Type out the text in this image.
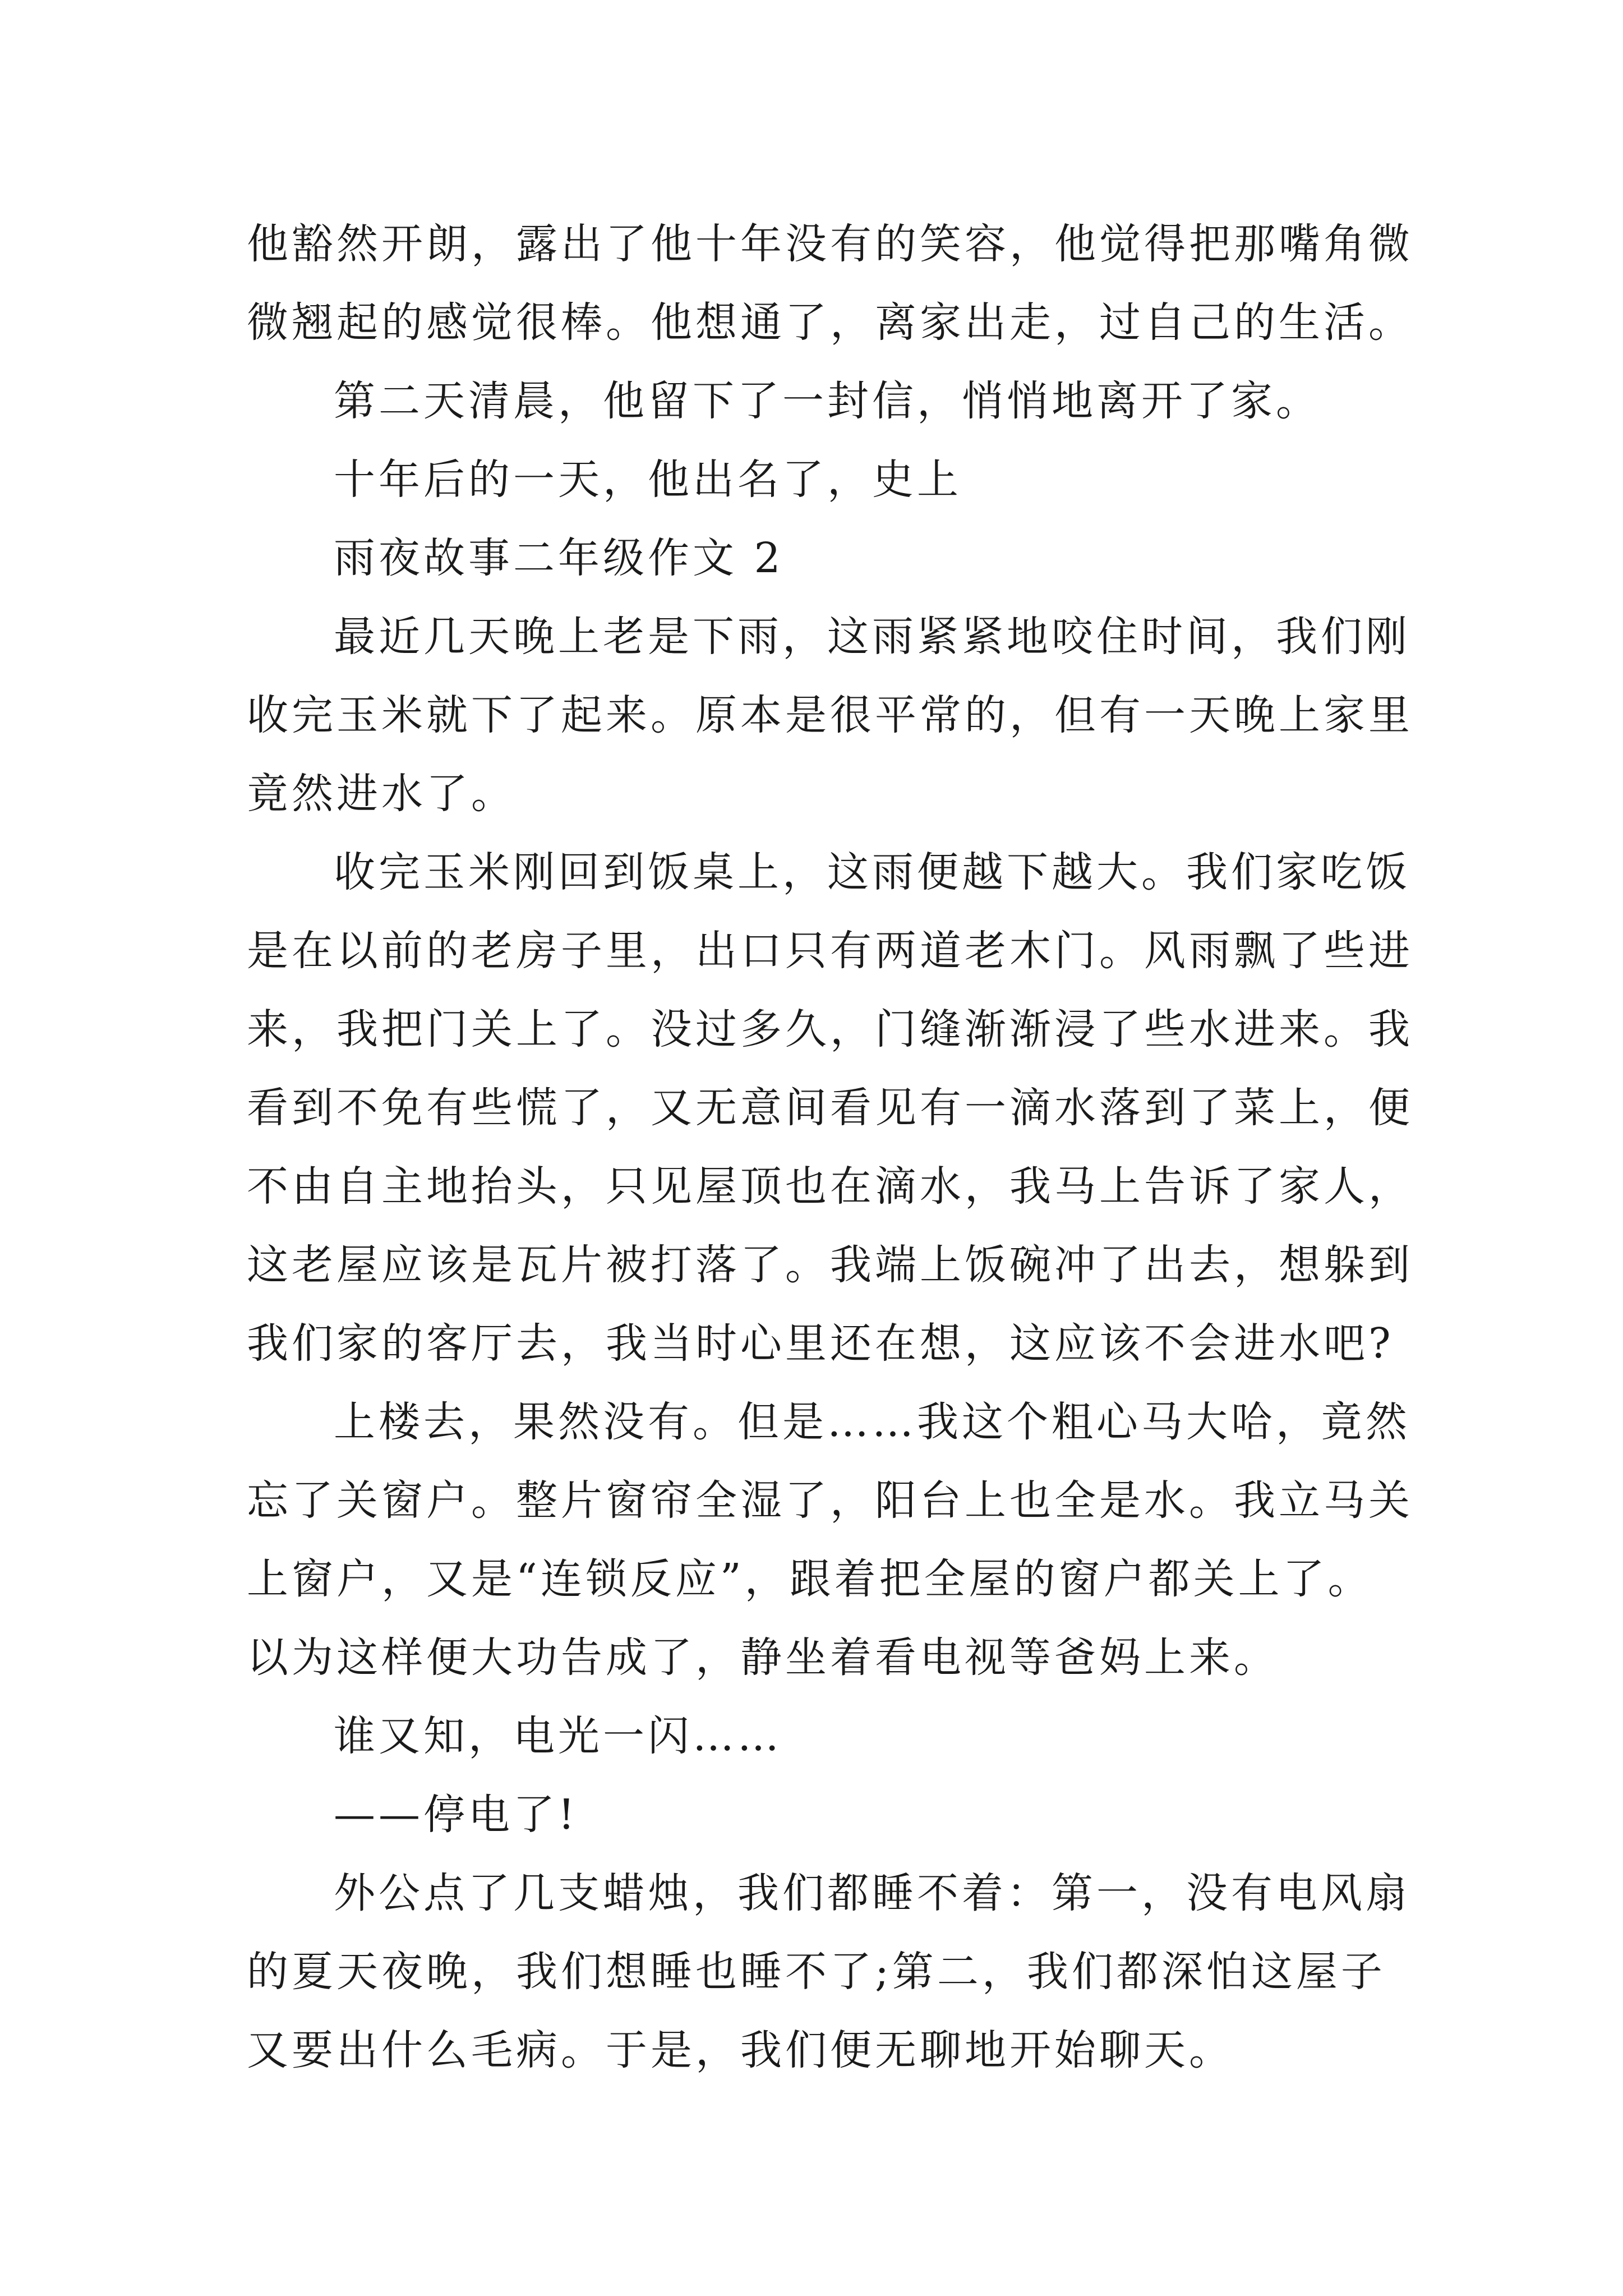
他豁然开朗，露出了他十年没有的笑容，他觉得把那嘴角微
微翘起的感觉很棒。他想通了，离家出走，过自己的生活。
第二天清晨，他留下了一封信，悄悄地离开了家。
十年后的一天，他出名了，史上
雨夜故事二年级作文 2
最近几天晚上老是下雨，这雨紧紧地咬住时间，我们刚
收完玉米就下了起来。原本是很平常的，但有一天晚上家里
竟然进水了。
收完玉米刚回到饭桌上，这雨便越下越大。我们家吃饭
是在以前的老房子里，出口只有两道老木门。风雨飘了些进
来，我把门关上了。没过多久，门缝渐渐浸了些水进来。我
看到不免有些慌了，又无意间看见有一滴水落到了菜上，便
不由自主地抬头，只见屋顶也在滴水，我马上告诉了家人，
这老屋应该是瓦片被打落了。我端上饭碗冲了出去，想躲到
我们家的客厅去，我当时心里还在想，这应该不会进水吧?
上楼去，果然没有。但是……我这个粗心马大哈，竟然
忘了关窗户。整片窗帘全湿了，阳台上也全是水。我立马关
上窗户，又是“连锁反应”，跟着把全屋的窗户都关上了。
以为这样便大功告成了，静坐着看电视等爸妈上来。
谁又知，电光一闪……
——停电了!
外公点了几支蜡烛，我们都睡不着：第一，没有电风扇
的夏天夜晚，我们想睡也睡不了;第二，我们都深怕这屋子
又要出什么毛病。于是，我们便无聊地开始聊天。
